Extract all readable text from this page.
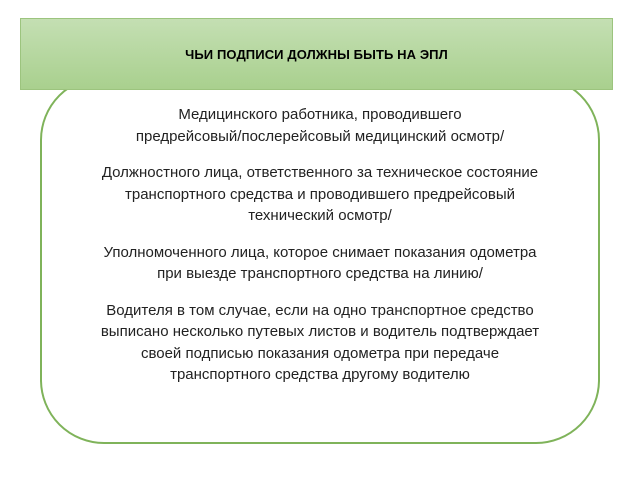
ЧЬИ ПОДПИСИ ДОЛЖНЫ БЫТЬ НА ЭПЛ

Медицинского работника, проводившего
предрейсовый/послерейсовый медицинский осмотр/

Должностного лица, ответственного за техническое состояние
транспортного средства и проводившего предрейсовый
технический осмотр/

Уполномоченного лица, которое снимает показания одометра
при выезде транспортного средства на линию/

Водителя в том случае, если на одно транспортное средство
выписано несколько путевых листов и водитель подтверждает
своей подписью показания одометра при передаче
транспортного средства другому водителю
